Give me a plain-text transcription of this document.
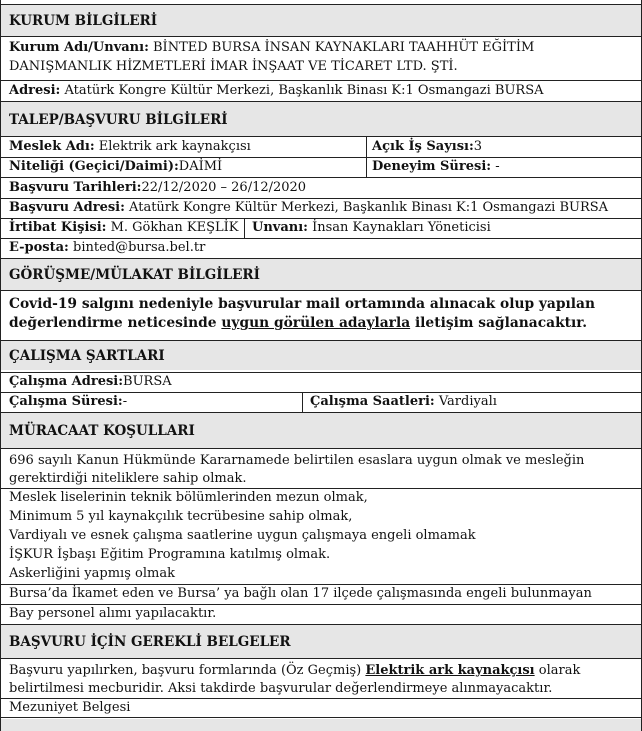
KURUM BİLGİLERİ
Kurum Adı/Unvanı: BİNTED BURSA İNSAN KAYNAKLARI TAAHHÜT EĞİTİM
DANIŞMANLIK HİZMETLERİ İMAR İNŞAAT VE TİCARET LTD. ŞTİ.
Adresi: Atatürk Kongre Kültür Merkezi, Başkanlık Binası K:1 Osmangazi BURSA
TALEP/BAŞVURU BİLGİLERİ
Meslek Adı: Elektrik ark kaynakçısı	Açık İş Sayısı:3
Niteliği (Geçici/Daimi):DAİMİ	Deneyim Süresi: -
Başvuru Tarihleri:22/12/2020 – 26/12/2020
Başvuru Adresi: Atatürk Kongre Kültür Merkezi, Başkanlık Binası K:1 Osmangazi BURSA
İrtibat Kişisi: M. Gökhan KEŞLİK Unvanı: İnsan Kaynakları Yöneticisi
E-posta: binted@bursa.bel.tr
GÖRÜŞME/MÜLAKAT BİLGİLERİ
Covid-19 salgını nedeniyle başvurular mail ortamında alınacak olup yapılan
değerlendirme neticesinde uygun görülen adaylarla iletişim sağlanacaktır.
ÇALIŞMA ŞARTLARI
Çalışma Adresi:BURSA
Çalışma Süresi:-	Çalışma Saatleri: Vardiyalı
MÜRACAAT KOŞULLARI
696 sayılı Kanun Hükmünde Kararnamede belirtilen esaslara uygun olmak ve mesleğin
gerektirdiği niteliklere sahip olmak.
Meslek liselerinin teknik bölümlerinden mezun olmak,
Minimum 5 yıl kaynakçılık tecrübesine sahip olmak,
Vardiyalı ve esnek çalışma saatlerine uygun çalışmaya engeli olmamak
İŞKUR İşbaşı Eğitim Programına katılmış olmak.
Askerliğini yapmış olmak
Bursa’da İkamet eden ve Bursa’ ya bağlı olan 17 ilçede çalışmasında engeli bulunmayan
Bay personel alımı yapılacaktır.
BAŞVURU İÇİN GEREKLİ BELGELER
Başvuru yapılırken, başvuru formlarında (Öz Geçmiş) Elektrik ark kaynakçısı olarak
belirtilmesi mecburidir. Aksi takdirde başvurular değerlendirmeye alınmayacaktır.
Mezuniyet Belgesi
